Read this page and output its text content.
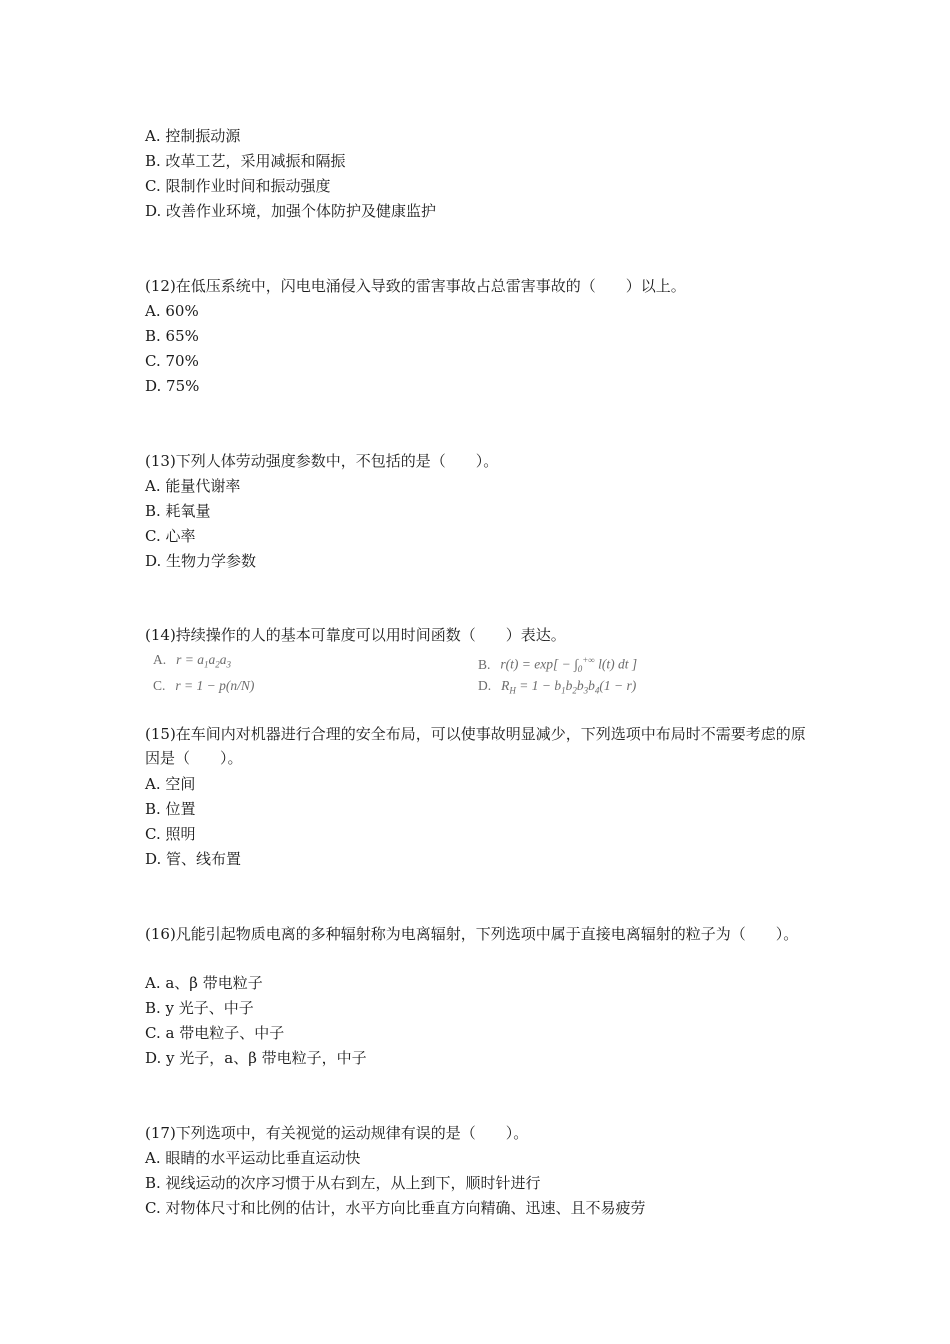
A. 控制振动源
B. 改革工艺，采用减振和隔振
C. 限制作业时间和振动强度
D. 改善作业环境，加强个体防护及健康监护
(12)在低压系统中，闪电电涌侵入导致的雷害事故占总雷害事故的（　　）以上。
A. 60%
B. 65%
C. 70%
D. 75%
(13)下列人体劳动强度参数中，不包括的是（　　）。
A. 能量代谢率
B. 耗氧量
C. 心率
D. 生物力学参数
(14)持续操作的人的基本可靠度可以用时间函数（　　）表达。
A. $r = a_1a_2a_3$	B. $r(t) = \exp[ - \int_0^{+\infty}$ l(t) dt ]
C. r = 1 − p(n/N)	D. $R_H = 1 - b_1b_2b_3b_4(1 - r)$
(15)在车间内对机器进行合理的安全布局，可以使事故明显减少，下列选项中布局时不需要考虑的原因是（　　）。
A. 空间
B. 位置
C. 照明
D. 管、线布置
(16)凡能引起物质电离的多种辐射称为电离辐射，下列选项中属于直接电离辐射的粒子为（　　）。
A. a、β 带电粒子
B. y 光子、中子
C. a 带电粒子、中子
D. y 光子，a、β 带电粒子，中子
(17)下列选项中，有关视觉的运动规律有误的是（　　）。
A. 眼睛的水平运动比垂直运动快
B. 视线运动的次序习惯于从右到左，从上到下，顺时针进行
C. 对物体尺寸和比例的估计，水平方向比垂直方向精确、迅速、且不易疲劳
